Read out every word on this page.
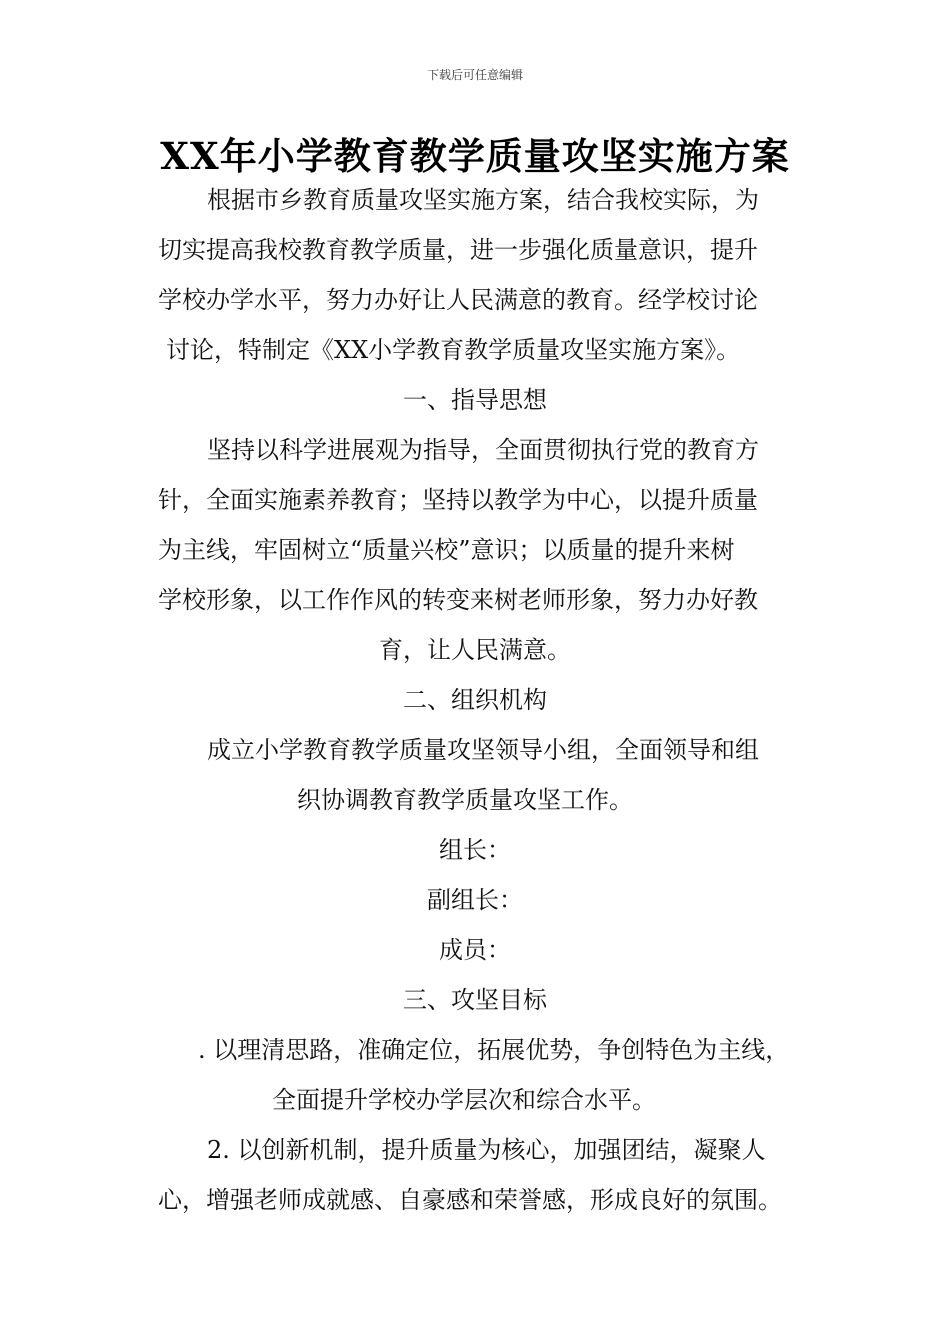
下载后可任意编辑
XX年小学教育教学质量攻坚实施方案
根据市乡教育质量攻坚实施方案，结合我校实际，为
切实提高我校教育教学质量，进一步强化质量意识，提升
学校办学水平，努力办好让人民满意的教育。经学校讨论
讨论，特制定《XX小学教育教学质量攻坚实施方案》。
一、指导思想
坚持以科学进展观为指导，全面贯彻执行党的教育方
针，全面实施素养教育；坚持以教学为中心，以提升质量
为主线，牢固树立“质量兴校”意识；以质量的提升来树
学校形象，以工作作风的转变来树老师形象，努力办好教
育，让人民满意。
二、组织机构
成立小学教育教学质量攻坚领导小组，全面领导和组
织协调教育教学质量攻坚工作。
组长：
副组长：
成员：
三、攻坚目标
. 以理清思路，准确定位，拓展优势，争创特色为主线，
全面提升学校办学层次和综合水平。
2. 以创新机制，提升质量为核心，加强团结，凝聚人
心，增强老师成就感、自豪感和荣誉感，形成良好的氛围。
